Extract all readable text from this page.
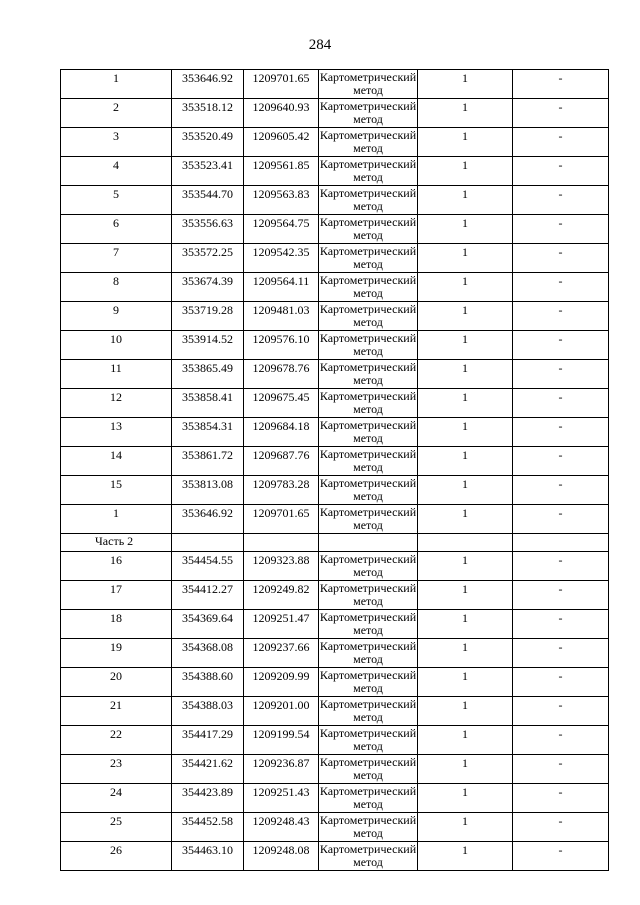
284
1	353646.92	1209701.65	Картометрический метод	1	-
2	353518.12	1209640.93	Картометрический метод	1	-
3	353520.49	1209605.42	Картометрический метод	1	-
4	353523.41	1209561.85	Картометрический метод	1	-
5	353544.70	1209563.83	Картометрический метод	1	-
6	353556.63	1209564.75	Картометрический метод	1	-
7	353572.25	1209542.35	Картометрический метод	1	-
8	353674.39	1209564.11	Картометрический метод	1	-
9	353719.28	1209481.03	Картометрический метод	1	-
10	353914.52	1209576.10	Картометрический метод	1	-
11	353865.49	1209678.76	Картометрический метод	1	-
12	353858.41	1209675.45	Картометрический метод	1	-
13	353854.31	1209684.18	Картометрический метод	1	-
14	353861.72	1209687.76	Картометрический метод	1	-
15	353813.08	1209783.28	Картометрический метод	1	-
1	353646.92	1209701.65	Картометрический метод	1	-
Часть 2					
16	354454.55	1209323.88	Картометрический метод	1	-
17	354412.27	1209249.82	Картометрический метод	1	-
18	354369.64	1209251.47	Картометрический метод	1	-
19	354368.08	1209237.66	Картометрический метод	1	-
20	354388.60	1209209.99	Картометрический метод	1	-
21	354388.03	1209201.00	Картометрический метод	1	-
22	354417.29	1209199.54	Картометрический метод	1	-
23	354421.62	1209236.87	Картометрический метод	1	-
24	354423.89	1209251.43	Картометрический метод	1	-
25	354452.58	1209248.43	Картометрический метод	1	-
26	354463.10	1209248.08	Картометрический метод	1	-
